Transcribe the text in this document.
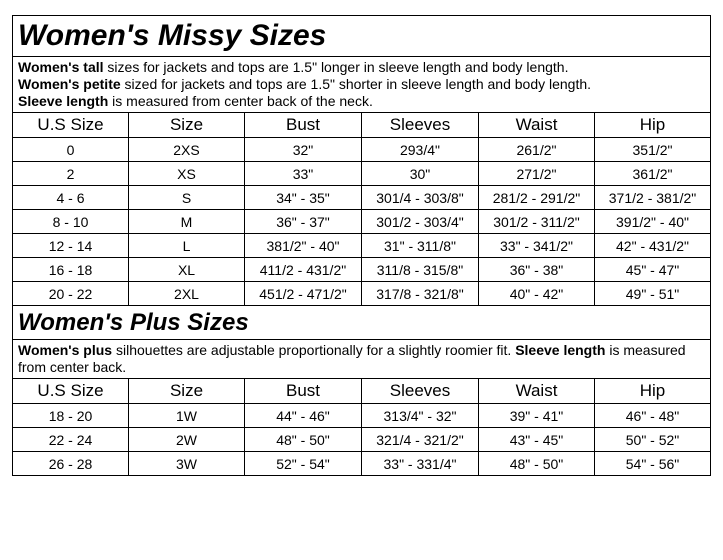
Women's Missy Sizes					

Women's tall sizes for jackets and tops are 1.5" longer in sleeve length and body length.
Women's petite sized for jackets and tops are 1.5" shorter in sleeve length and body length.
Sleeve length is measured from center back of the neck.					

U.S Size	Size	Bust	Sleeves	Waist	Hip
0	2XS	32"	293/4"	261/2"	351/2"
2	XS	33"	30"	271/2"	361/2"
4 - 6	S	34" - 35"	301/4 - 303/8"	281/2 - 291/2"	371/2 - 381/2"
8 - 10	M	36" - 37"	301/2 - 303/4"	301/2 - 311/2"	391/2" - 40"
12 - 14	L	381/2" - 40"	31" - 311/8"	33" - 341/2"	42" - 431/2"
16 - 18	XL	411/2 - 431/2"	311/8 - 315/8"	36" - 38"	45" - 47"
20 - 22	2XL	451/2 - 471/2"	317/8 - 321/8"	40" - 42"	49" - 51"
Women's Plus Sizes					
Women's plus silhouettes are adjustable proportionally for a slightly roomier fit. Sleeve length is measured from center back.					
U.S Size	Size	Bust	Sleeves	Waist	Hip
18 - 20	1W	44" - 46"	313/4" - 32"	39" - 41"	46" - 48"
22 - 24	2W	48" - 50"	321/4 - 321/2"	43" - 45"	50" - 52"
26 - 28	3W	52" - 54"	33" - 331/4"	48" - 50"	54" - 56"
